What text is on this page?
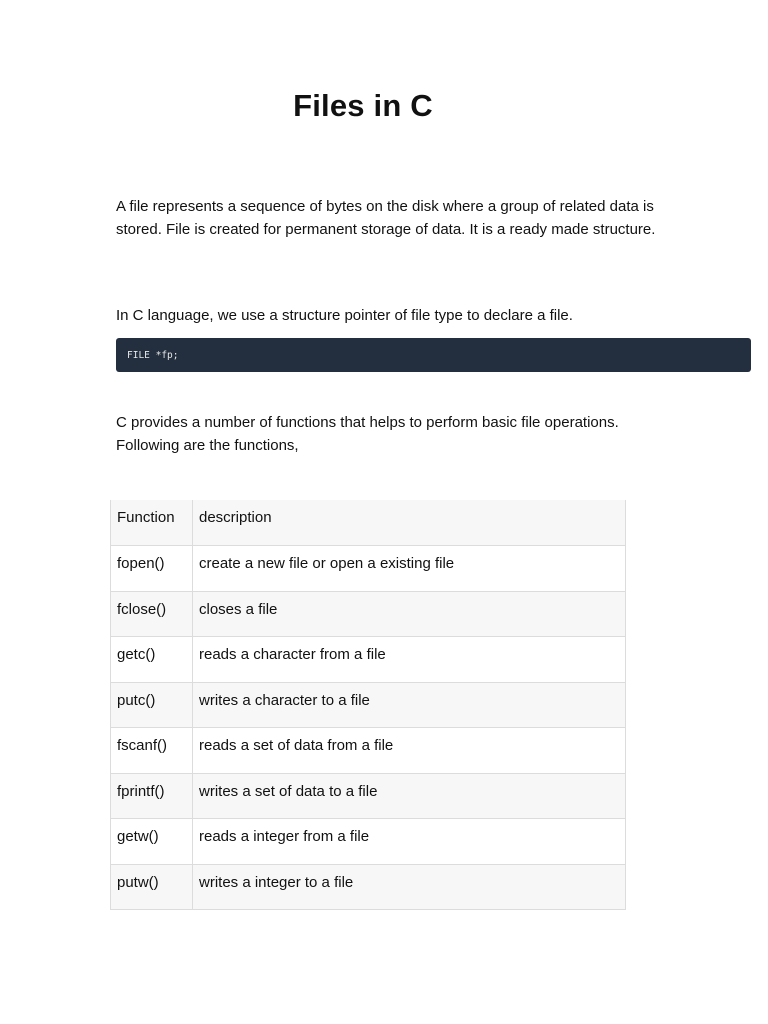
Files in C

A file represents a sequence of bytes on the disk where a group of related data is stored. File is created for permanent storage of data. It is a ready made structure.

In C language, we use a structure pointer of file type to declare a file.

FILE *fp;

C provides a number of functions that helps to perform basic file operations. Following are the functions,

Function	description
fopen()	create a new file or open a existing file
fclose()	closes a file
getc()	reads a character from a file
putc()	writes a character to a file
fscanf()	reads a set of data from a file
fprintf()	writes a set of data to a file
getw()	reads a integer from a file
putw()	writes a integer to a file
